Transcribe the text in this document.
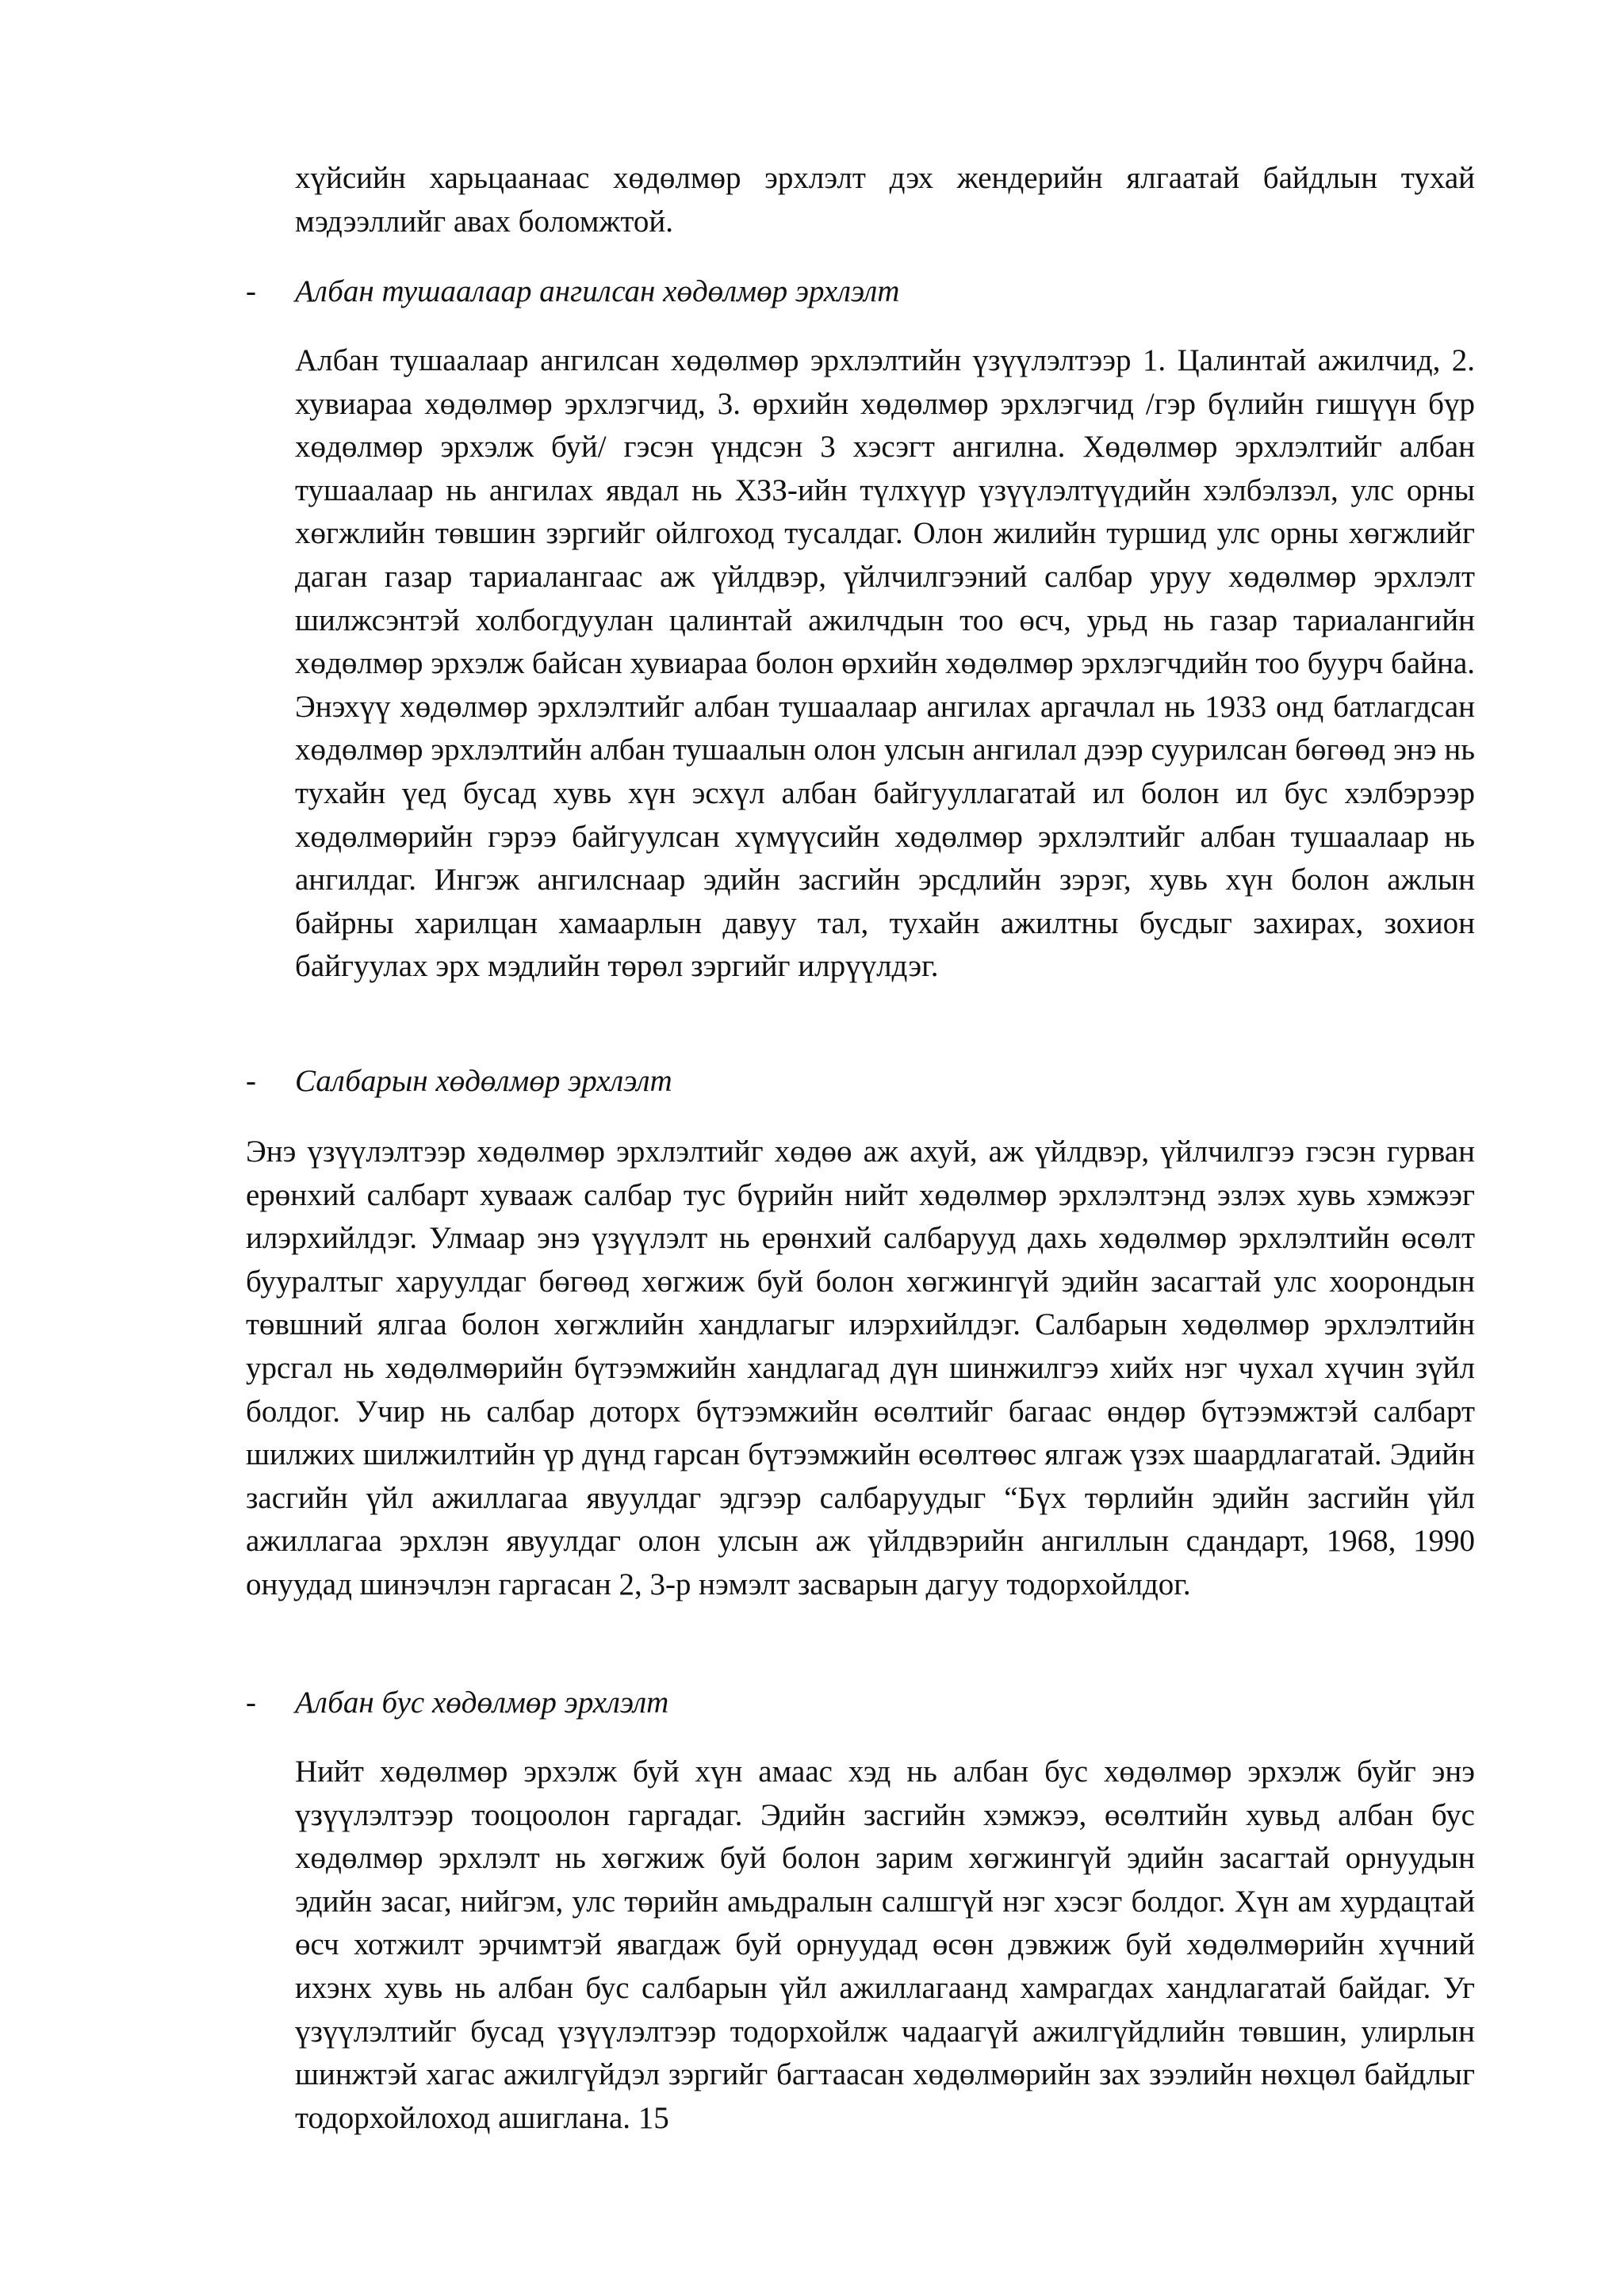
хүйсийн харьцаанаас хөдөлмөр эрхлэлт дэх жендерийн ялгаатай байдлын тухай мэдээллийг авах боломжтой.

- Албан тушаалаар ангилсан хөдөлмөр эрхлэлт

Албан тушаалаар ангилсан хөдөлмөр эрхлэлтийн үзүүлэлтээр 1. Цалинтай ажилчид, 2. хувиараа хөдөлмөр эрхлэгчид, 3. өрхийн хөдөлмөр эрхлэгчид /гэр бүлийн гишүүн бүр хөдөлмөр эрхэлж буй/ гэсэн үндсэн 3 хэсэгт ангилна. Хөдөлмөр эрхлэлтийг албан тушаалаар нь ангилах явдал нь ХЗЗ-ийн түлхүүр үзүүлэлтүүдийн хэлбэлзэл, улс орны хөгжлийн төвшин зэргийг ойлгоход тусалдаг. Олон жилийн туршид улс орны хөгжлийг даган газар тариалангаас аж үйлдвэр, үйлчилгээний салбар уруу хөдөлмөр эрхлэлт шилжсэнтэй холбогдуулан цалинтай ажилчдын тоо өсч, урьд нь газар тариалангийн хөдөлмөр эрхэлж байсан хувиараа болон өрхийн хөдөлмөр эрхлэгчдийн тоо буурч байна. Энэхүү хөдөлмөр эрхлэлтийг албан тушаалаар ангилах аргачлал нь 1933 онд батлагдсан хөдөлмөр эрхлэлтийн албан тушаалын олон улсын ангилал дээр суурилсан бөгөөд энэ нь тухайн үед бусад хувь хүн эсхүл албан байгууллагатай ил болон ил бус хэлбэрээр хөдөлмөрийн гэрээ байгуулсан хүмүүсийн хөдөлмөр эрхлэлтийг албан тушаалаар нь ангилдаг. Ингэж ангилснаар эдийн засгийн эрсдлийн зэрэг, хувь хүн болон ажлын байрны харилцан хамаарлын давуу тал, тухайн ажилтны бусдыг захирах, зохион байгуулах эрх мэдлийн төрөл зэргийг илрүүлдэг.

- Салбарын хөдөлмөр эрхлэлт

Энэ үзүүлэлтээр хөдөлмөр эрхлэлтийг хөдөө аж ахуй, аж үйлдвэр, үйлчилгээ гэсэн гурван ерөнхий салбарт хувааж салбар тус бүрийн нийт хөдөлмөр эрхлэлтэнд эзлэх хувь хэмжээг илэрхийлдэг. Улмаар энэ үзүүлэлт нь ерөнхий салбарууд дахь хөдөлмөр эрхлэлтийн өсөлт бууралтыг харуулдаг бөгөөд хөгжиж буй болон хөгжингүй эдийн засагтай улс хоорондын төвшний ялгаа болон хөгжлийн хандлагыг илэрхийлдэг. Салбарын хөдөлмөр эрхлэлтийн урсгал нь хөдөлмөрийн бүтээмжийн хандлагад дүн шинжилгээ хийх нэг чухал хүчин зүйл болдог. Учир нь салбар доторх бүтээмжийн өсөлтийг багаас өндөр бүтээмжтэй салбарт шилжих шилжилтийн үр дүнд гарсан бүтээмжийн өсөлтөөс ялгаж үзэх шаардлагатай. Эдийн засгийн үйл ажиллагаа явуулдаг эдгээр салбаруудыг “Бүх төрлийн эдийн засгийн үйл ажиллагаа эрхлэн явуулдаг олон улсын аж үйлдвэрийн ангиллын сдандарт, 1968, 1990 онуудад шинэчлэн гаргасан 2, 3-р нэмэлт засварын дагуу тодорхойлдог.

- Албан бус хөдөлмөр эрхлэлт

Нийт хөдөлмөр эрхэлж буй хүн амаас хэд нь албан бус хөдөлмөр эрхэлж буйг энэ үзүүлэлтээр тооцоолон гаргадаг. Эдийн засгийн хэмжээ, өсөлтийн хувьд албан бус хөдөлмөр эрхлэлт нь хөгжиж буй болон зарим хөгжингүй эдийн засагтай орнуудын эдийн засаг, нийгэм, улс төрийн амьдралын салшгүй нэг хэсэг болдог. Хүн ам хурдацтай өсч хотжилт эрчимтэй явагдаж буй орнуудад өсөн дэвжиж буй хөдөлмөрийн хүчний ихэнх хувь нь албан бус салбарын үйл ажиллагаанд хамрагдах хандлагатай байдаг. Уг үзүүлэлтийг бусад үзүүлэлтээр тодорхойлж чадаагүй ажилгүйдлийн төвшин, улирлын шинжтэй хагас ажилгүйдэл зэргийг багтаасан хөдөлмөрийн зах зээлийн нөхцөл байдлыг тодорхойлоход ашиглана. 15
